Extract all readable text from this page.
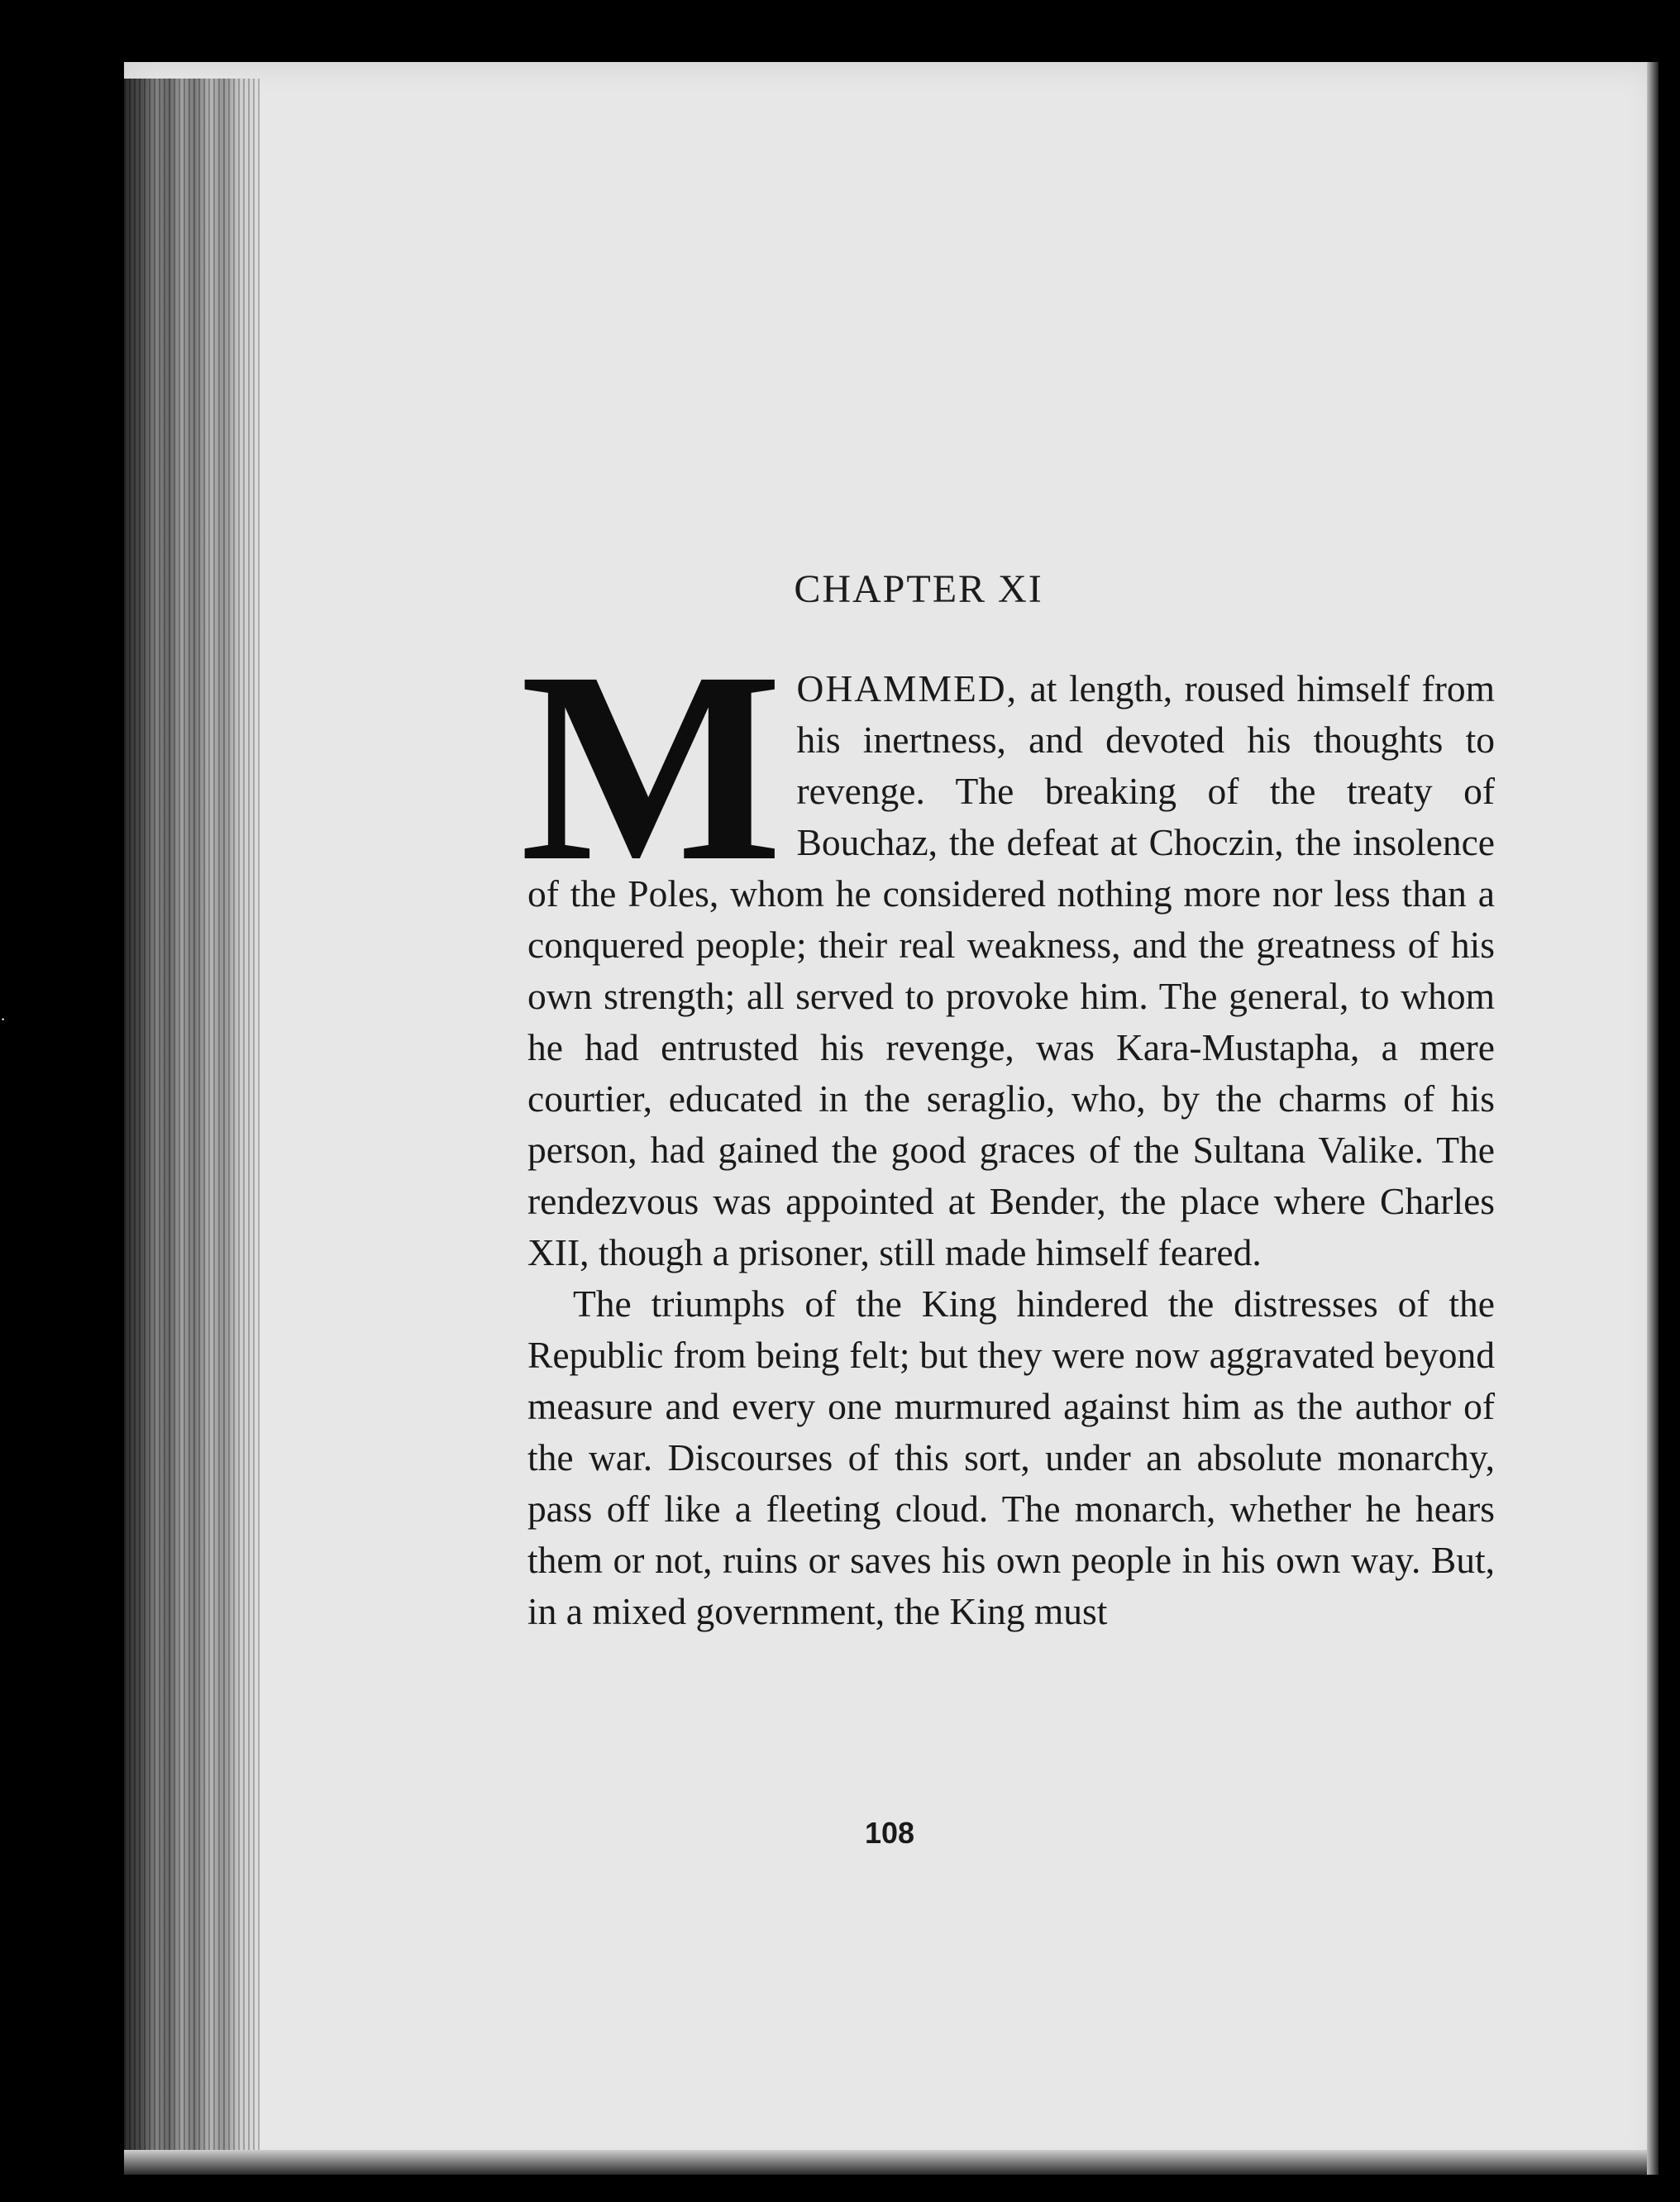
·
CHAPTER XI

MOHAMMED, at length, roused himself from his inertness, and devoted his thoughts to revenge. The breaking of the treaty of Bouchaz, the defeat at Choczin, the insolence of the Poles, whom he considered nothing more nor less than a conquered people; their real weakness, and the greatness of his own strength; all served to provoke him. The general, to whom he had entrusted his revenge, was Kara-Mustapha, a mere courtier, educated in the seraglio, who, by the charms of his person, had gained the good graces of the Sultana Valike. The rendezvous was appointed at Bender, the place where Charles XII, though a prisoner, still made himself feared.

The triumphs of the King hindered the distresses of the Republic from being felt; but they were now aggravated beyond measure and every one murmured against him as the author of the war. Discourses of this sort, under an absolute monarchy, pass off like a fleeting cloud. The monarch, whether he hears them or not, ruins or saves his own people in his own way. But, in a mixed government, the King must

108
